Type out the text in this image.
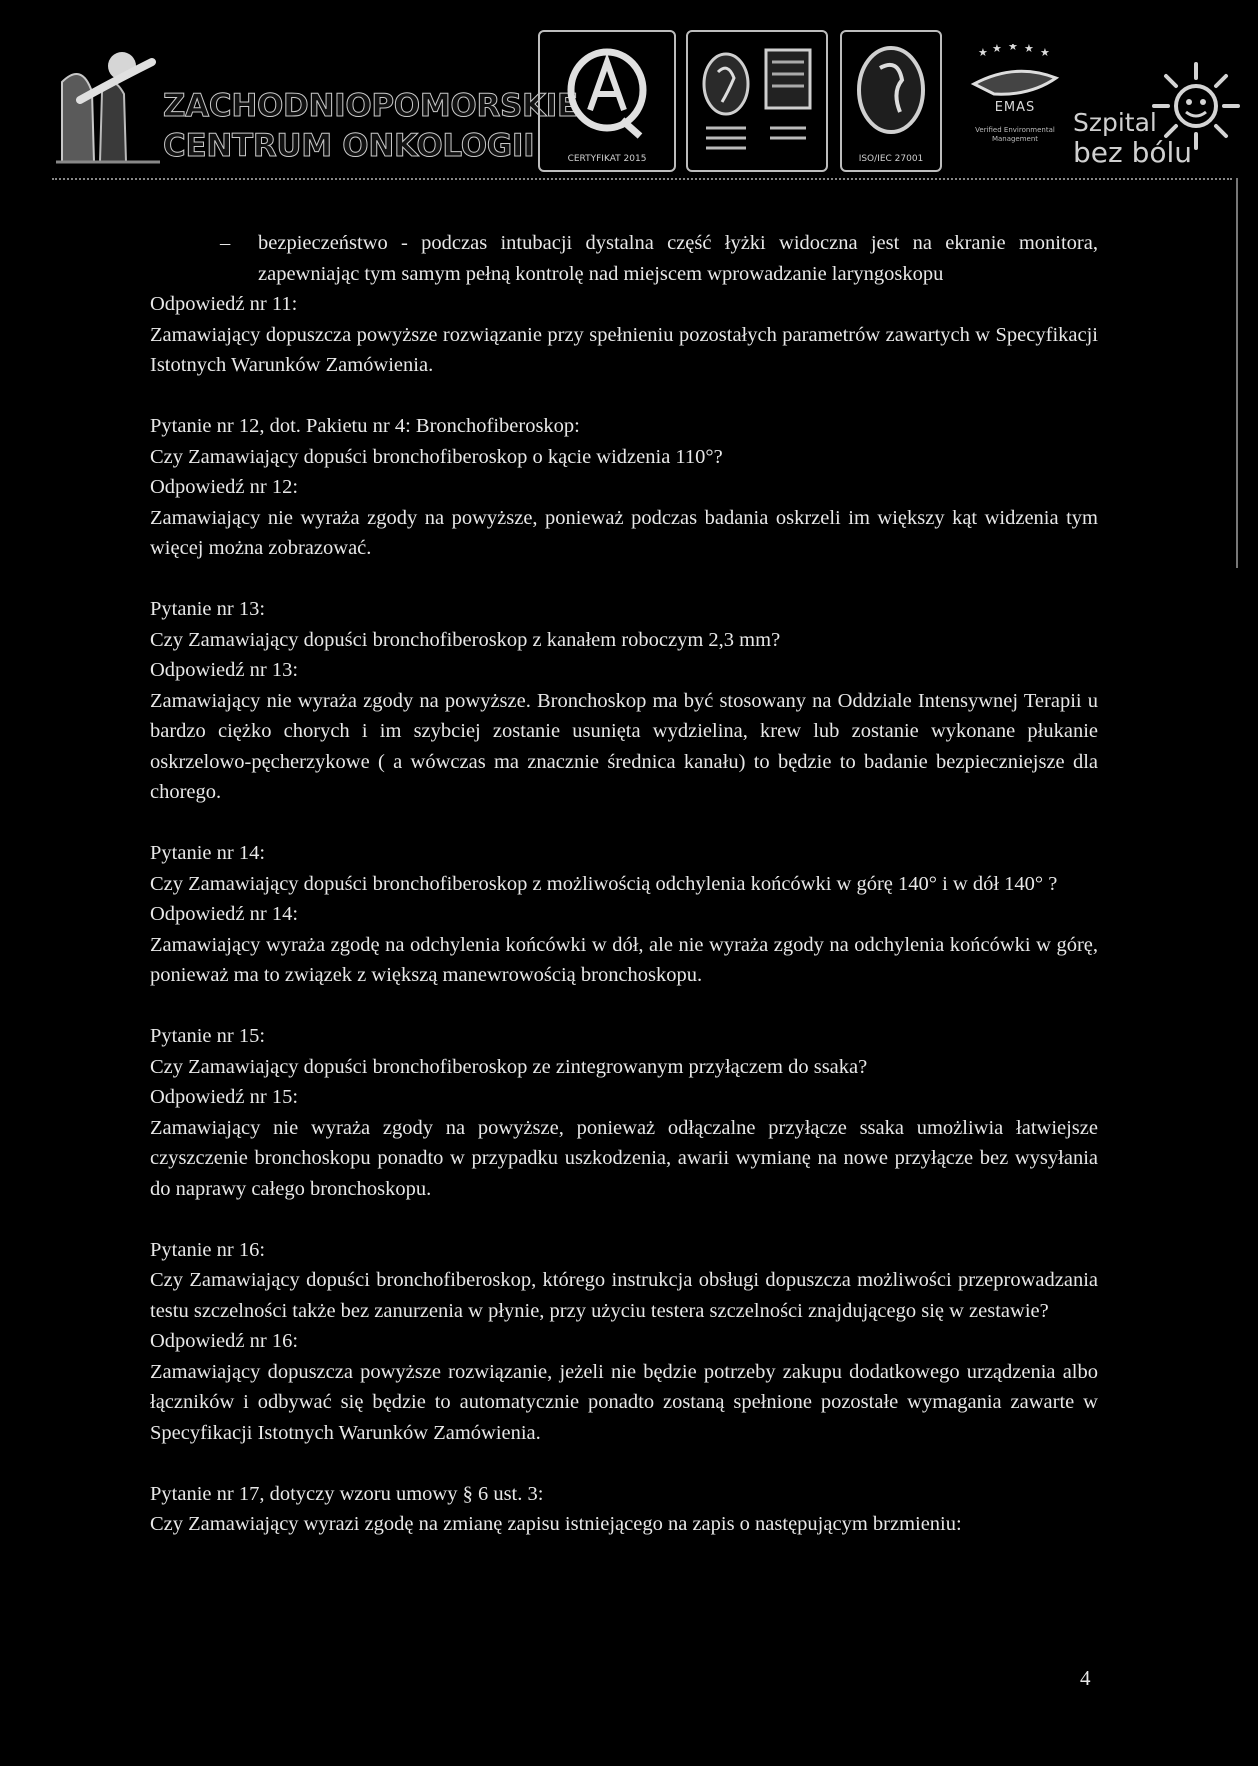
ZACHODNIOPOMORSKIE
CENTRUM ONKOLOGII	CERTYFIKAT 2015	ISO/IEC 27001
★ ★ ★ ★ ★
EMAS
Verified Environmental Management
Szpital
bez bólu
–	bezpieczeństwo - podczas intubacji dystalna część łyżki widoczna jest na ekranie monitora, zapewniając tym samym pełną kontrolę nad miejscem wprowadzanie laryngoskopu

Odpowiedź nr 11:

Zamawiający dopuszcza powyższe rozwiązanie przy spełnieniu pozostałych parametrów zawartych w Specyfikacji Istotnych Warunków Zamówienia.

Pytanie nr 12, dot. Pakietu nr 4: Bronchofiberoskop:

Czy Zamawiający dopuści bronchofiberoskop o kącie widzenia 110°?

Odpowiedź nr 12:

Zamawiający nie wyraża zgody na powyższe, ponieważ podczas badania oskrzeli im większy kąt widzenia tym więcej można zobrazować.

Pytanie nr 13:

Czy Zamawiający dopuści bronchofiberoskop z kanałem roboczym 2,3 mm?

Odpowiedź nr 13:

Zamawiający nie wyraża zgody na powyższe. Bronchoskop ma być stosowany na Oddziale Intensywnej Terapii u bardzo ciężko chorych i im szybciej zostanie usunięta wydzielina, krew lub zostanie wykonane płukanie oskrzelowo-pęcherzykowe ( a wówczas ma znacznie średnica kanału) to będzie to badanie bezpieczniejsze dla chorego.

Pytanie nr 14:

Czy Zamawiający dopuści bronchofiberoskop z możliwością odchylenia końcówki w górę 140° i w dół 140° ?

Odpowiedź nr 14:

Zamawiający wyraża zgodę na odchylenia końcówki w dół, ale nie wyraża zgody na odchylenia końcówki w górę, ponieważ ma to związek z większą manewrowością bronchoskopu.

Pytanie nr 15:

Czy Zamawiający dopuści bronchofiberoskop ze zintegrowanym przyłączem do ssaka?

Odpowiedź nr 15:

Zamawiający nie wyraża zgody na powyższe, ponieważ odłączalne przyłącze ssaka umożliwia łatwiejsze czyszczenie bronchoskopu ponadto w przypadku uszkodzenia, awarii wymianę na nowe przyłącze bez wysyłania do naprawy całego bronchoskopu.

Pytanie nr 16:

Czy Zamawiający dopuści bronchofiberoskop, którego instrukcja obsługi dopuszcza możliwości przeprowadzania testu szczelności także bez zanurzenia w płynie, przy użyciu testera szczelności znajdującego się w zestawie?

Odpowiedź nr 16:

Zamawiający dopuszcza powyższe rozwiązanie, jeżeli nie będzie potrzeby zakupu dodatkowego urządzenia albo łączników i odbywać się będzie to automatycznie ponadto zostaną spełnione pozostałe wymagania zawarte w Specyfikacji Istotnych Warunków Zamówienia.

Pytanie nr 17, dotyczy wzoru umowy § 6 ust. 3:

Czy Zamawiający wyrazi zgodę na zmianę zapisu istniejącego na zapis o następującym brzmieniu:

4
